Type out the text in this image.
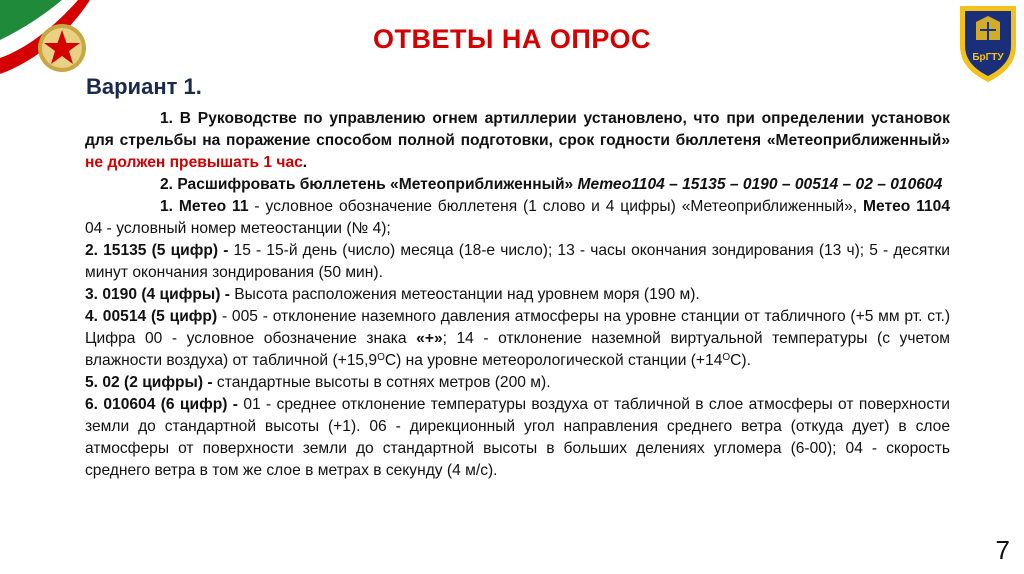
БрГТУ
ОТВЕТЫ НА ОПРОС
Вариант 1.

1. В Руководстве по управлению огнем артиллерии установлено, что при определении установок для стрельбы на поражение способом полной подготовки, срок годности бюллетеня «Метеоприближенный» не должен превышать 1 час.

2. Расшифровать бюллетень «Метеоприближенный» Метео1104 – 15135 – 0190 – 00514 – 02 – 010604

1. Метео 11 - условное обозначение бюллетеня (1 слово и 4 цифры) «Метеоприближенный», Метео 1104 04 - условный номер метеостанции (№ 4);

2. 15135 (5 цифр) - 15 - 15-й день (число) месяца (18-е число); 13 - часы окончания зондирования (13 ч); 5 - десятки минут окончания зондирования (50 мин).

3. 0190 (4 цифры) - Высота расположения метеостанции над уровнем моря (190 м).

4. 00514 (5 цифр) - 005 - отклонение наземного давления атмосферы на уровне станции от табличного (+5 мм рт. ст.) Цифра 00 - условное обозначение знака «+»; 14 - отклонение наземной виртуальной температуры (с учетом влажности воздуха) от табличной $(+15,9^ОС)$ на уровне метеорологической станции $(+14^ОС)$.

5. 02 (2 цифры) - стандартные высоты в сотнях метров (200 м).

6. 010604 (6 цифр) - 01 - среднее отклонение температуры воздуха от табличной в слое атмосферы от поверхности земли до стандартной высоты (+1). 06 - дирекционный угол направления среднего ветра (откуда дует) в слое атмосферы от поверхности земли до стандартной высоты в больших делениях угломера (6-00); 04 - скорость среднего ветра в том же слое в метрах в секунду (4 м/с).

7
